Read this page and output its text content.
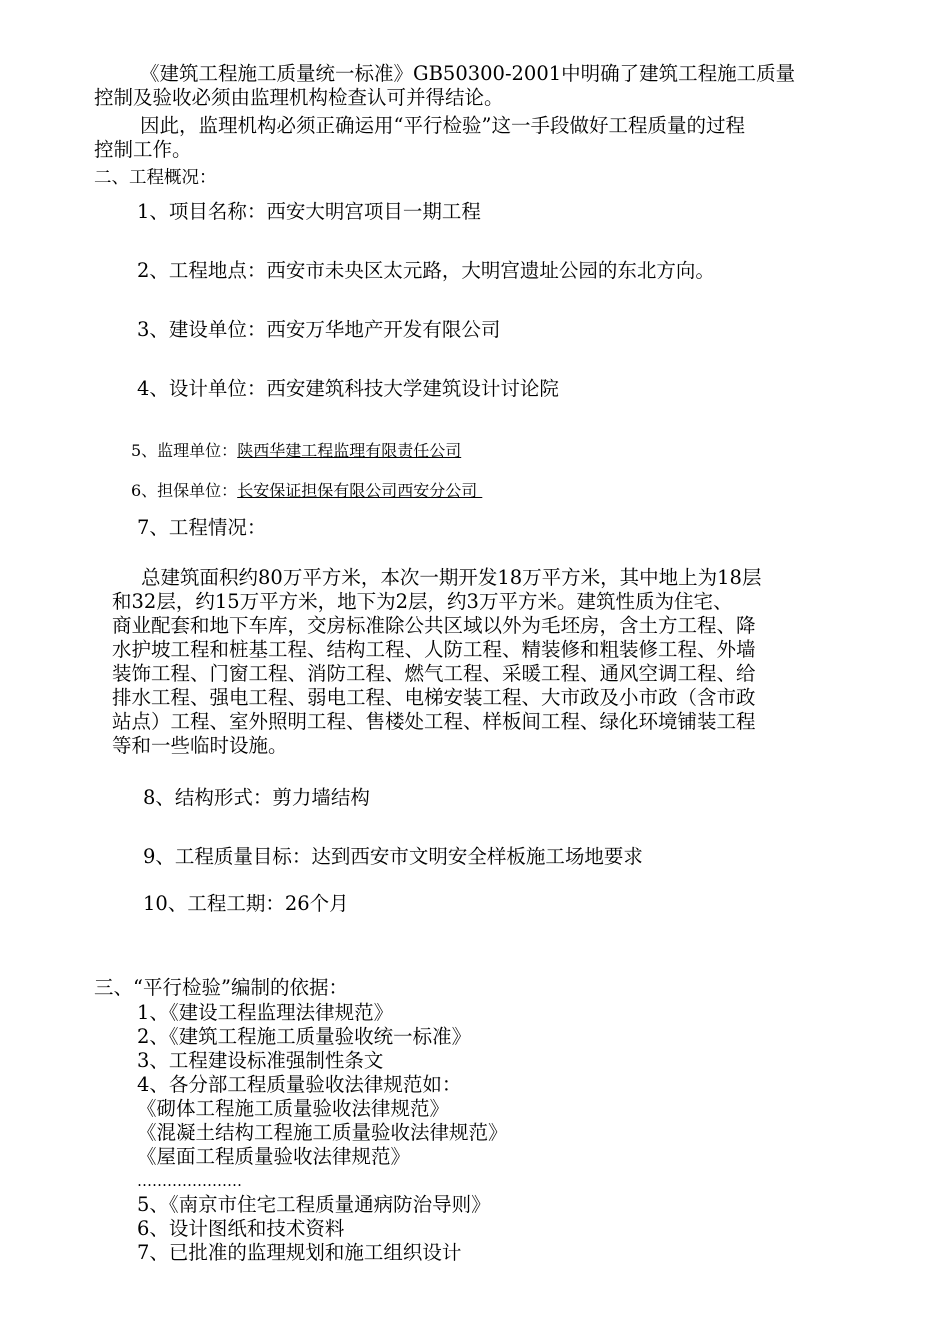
《建筑工程施工质量统一标准》GB50300-2001中明确了建筑工程施工质量
控制及验收必须由监理机构检查认可并得结论。
因此，监理机构必须正确运用“平行检验”这一手段做好工程质量的过程
控制工作。
二、工程概况：
1、项目名称：西安大明宫项目一期工程
2、工程地点：西安市未央区太元路，大明宫遗址公园的东北方向。
3、建设单位：西安万华地产开发有限公司
4、设计单位：西安建筑科技大学建筑设计讨论院
5、监理单位：陕西华建工程监理有限责任公司
6、担保单位：长安保证担保有限公司西安分公司
7、工程情况：
总建筑面积约80万平方米，本次一期开发18万平方米，其中地上为18层
和32层，约15万平方米，地下为2层，约3万平方米。建筑性质为住宅、
商业配套和地下车库，交房标准除公共区域以外为毛坯房，含土方工程、降
水护坡工程和桩基工程、结构工程、人防工程、精装修和粗装修工程、外墙
装饰工程、门窗工程、消防工程、燃气工程、采暖工程、通风空调工程、给
排水工程、强电工程、弱电工程、电梯安装工程、大市政及小市政（含市政
站点）工程、室外照明工程、售楼处工程、样板间工程、绿化环境铺装工程
等和一些临时设施。
8、结构形式：剪力墙结构
9、工程质量目标：达到西安市文明安全样板施工场地要求
10、工程工期：26个月
三、“平行检验”编制的依据：
1、《建设工程监理法律规范》
2、《建筑工程施工质量验收统一标准》
3、工程建设标准强制性条文
4、各分部工程质量验收法律规范如：
《砌体工程施工质量验收法律规范》
《混凝土结构工程施工质量验收法律规范》
《屋面工程质量验收法律规范》
…………………
5、《南京市住宅工程质量通病防治导则》
6、设计图纸和技术资料
7、已批准的监理规划和施工组织设计
